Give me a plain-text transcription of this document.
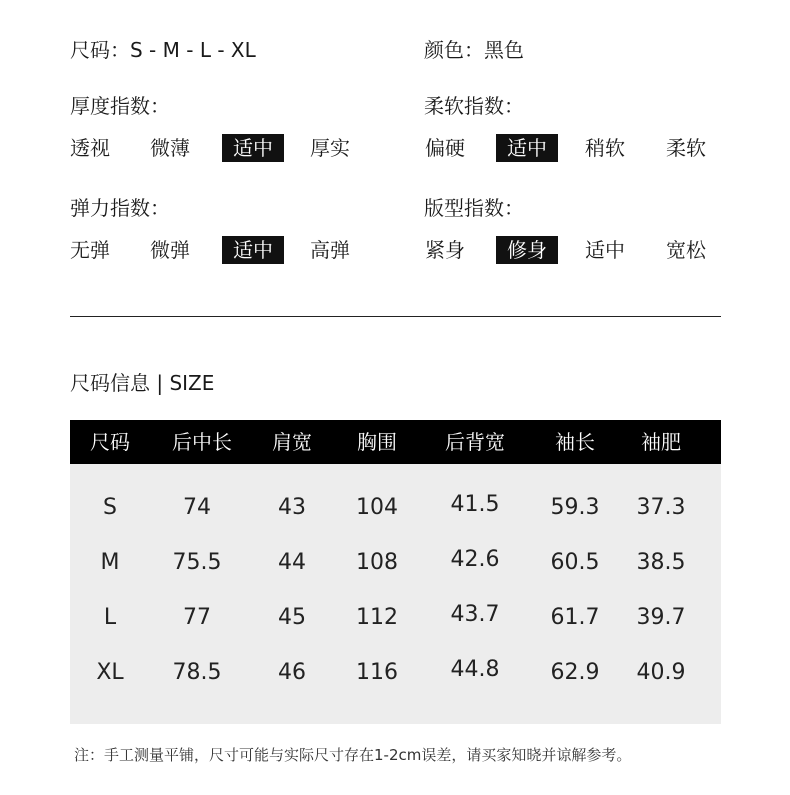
尺码：S - M - L - XL	颜色：黑色
厚度指数：	柔软指数：
弹力指数：	版型指数：
透视 微薄	适中	厚实	偏硬	适中	稍软 柔软
无弹 微弹	适中	高弹	紧身	修身	适中 宽松
尺码信息 | SIZE
尺码 后中长 肩宽 胸围 后背宽	袖长 袖肥
S	74	43 104 41.5 59.3 37.3
M 75.5	44 108 42.6 60.5 38.5
L	77	45 112 43.7 61.7 39.7
XL 78.5	46 116 44.8 62.9 40.9
注：手工测量平铺，尺寸可能与实际尺寸存在1-2cm误差，请买家知晓并谅解参考。
